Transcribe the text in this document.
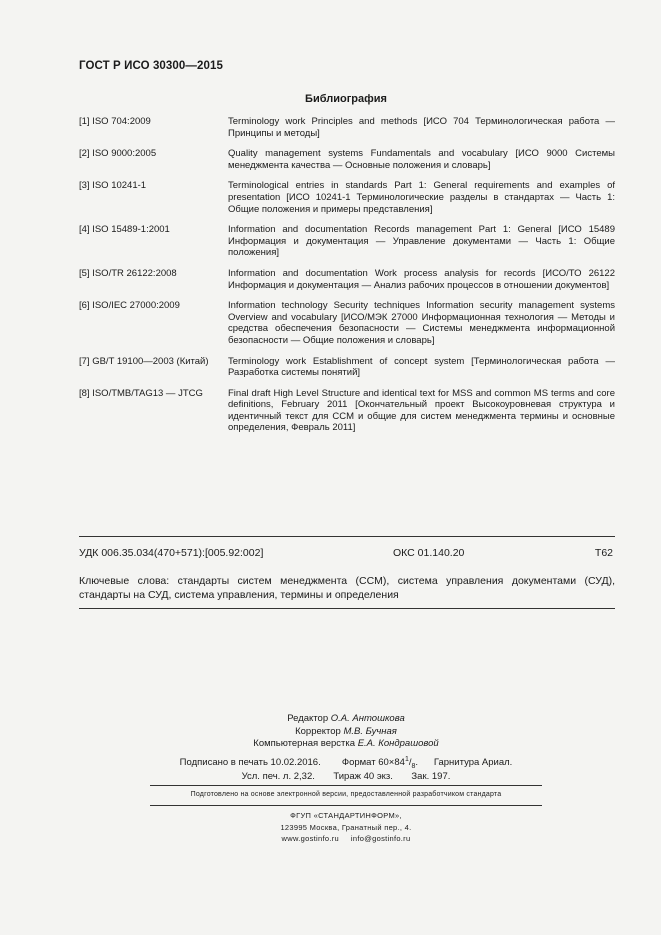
ГОСТ Р ИСО 30300—2015
Библиография
[1] ISO 704:2009	Terminology work Principles and methods [ИСО 704 Терминологическая работа — Принципы и методы]
[2] ISO 9000:2005	Quality management systems Fundamentals and vocabulary [ИСО 9000 Системы менеджмента качества — Основные положения и словарь]
[3] ISO 10241-1	Terminological entries in standards Part 1: General requirements and examples of presentation [ИСО 10241-1 Терминологические разделы в стандартах — Часть 1: Общие положения и примеры представления]
[4] ISO 15489-1:2001	Information and documentation Records management Part 1: General [ИСО 15489 Информация и документация — Управление документами — Часть 1: Общие положения]
[5] ISO/TR 26122:2008	Information and documentation Work process analysis for records [ИСО/ТО 26122 Информация и документация — Анализ рабочих процессов в отношении документов]
[6] ISO/IEC 27000:2009	Information technology Security techniques Information security management systems Overview and vocabulary [ИСО/МЭК 27000 Информационная технология — Методы и средства обеспечения безопасности — Системы менеджмента информационной безопасности — Общие положения и словарь]
[7] GB/T 19100—2003 (Китай)	Terminology work Establishment of concept system [Терминологическая работа — Разработка системы понятий]
[8] ISO/TMB/TAG13 — JTCG	Final draft High Level Structure and identical text for MSS and common MS terms and core definitions, February 2011 [Окончательный проект Высокоуровневая структура и идентичный текст для СCM и общие для систем менеджмента термины и основные определения, Февраль 2011]
УДК 006.35.034(470+571):[005.92:002]	ОКС 01.140.20	Т62
Ключевые слова: стандарты систем менеджмента (ССМ), система управления документами (СУД), стандарты на СУД, система управления, термины и определения
Редактор О.А. Антошкова
Корректор М.В. Бучная
Компьютерная верстка Е.А. Кондрашовой
Подписано в печать 10.02.2016. Формат $60\times 84^1/_8$.      Гарнитура Ариал.
Усл. печ. л. 2,32. Тираж 40 экз. Зак. 197.
Подготовлено на основе электронной версии, предоставленной разработчиком стандарта
ФГУП «СТАНДАРТИНФОРМ»,
123995 Москва, Гранатный пер., 4.
www.gostinfo.ru info@gostinfo.ru
